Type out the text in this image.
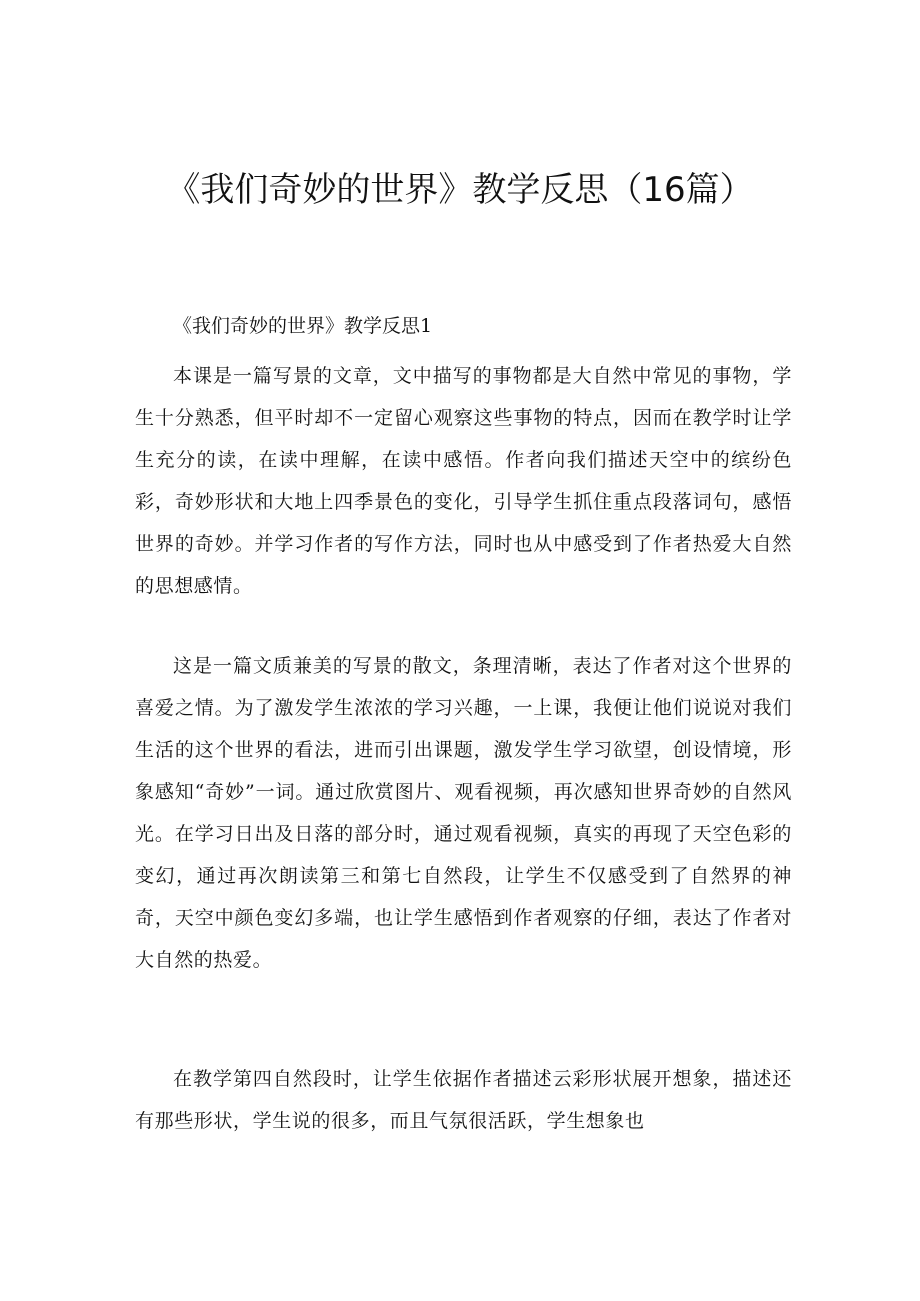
《我们奇妙的世界》教学反思（16篇）
《我们奇妙的世界》教学反思1

本课是一篇写景的文章，文中描写的事物都是大自然中常见的事物，学生十分熟悉，但平时却不一定留心观察这些事物的特点，因而在教学时让学生充分的读，在读中理解，在读中感悟。作者向我们描述天空中的缤纷色彩，奇妙形状和大地上四季景色的变化，引导学生抓住重点段落词句，感悟世界的奇妙。并学习作者的写作方法，同时也从中感受到了作者热爱大自然的思想感情。

这是一篇文质兼美的写景的散文，条理清晰，表达了作者对这个世界的喜爱之情。为了激发学生浓浓的学习兴趣，一上课，我便让他们说说对我们生活的这个世界的看法，进而引出课题，激发学生学习欲望，创设情境，形象感知“奇妙”一词。通过欣赏图片、观看视频，再次感知世界奇妙的自然风光。在学习日出及日落的部分时，通过观看视频，真实的再现了天空色彩的变幻，通过再次朗读第三和第七自然段，让学生不仅感受到了自然界的神奇，天空中颜色变幻多端，也让学生感悟到作者观察的仔细，表达了作者对大自然的热爱。

在教学第四自然段时，让学生依据作者描述云彩形状展开想象，描述还有那些形状，学生说的很多，而且气氛很活跃，学生想象也
